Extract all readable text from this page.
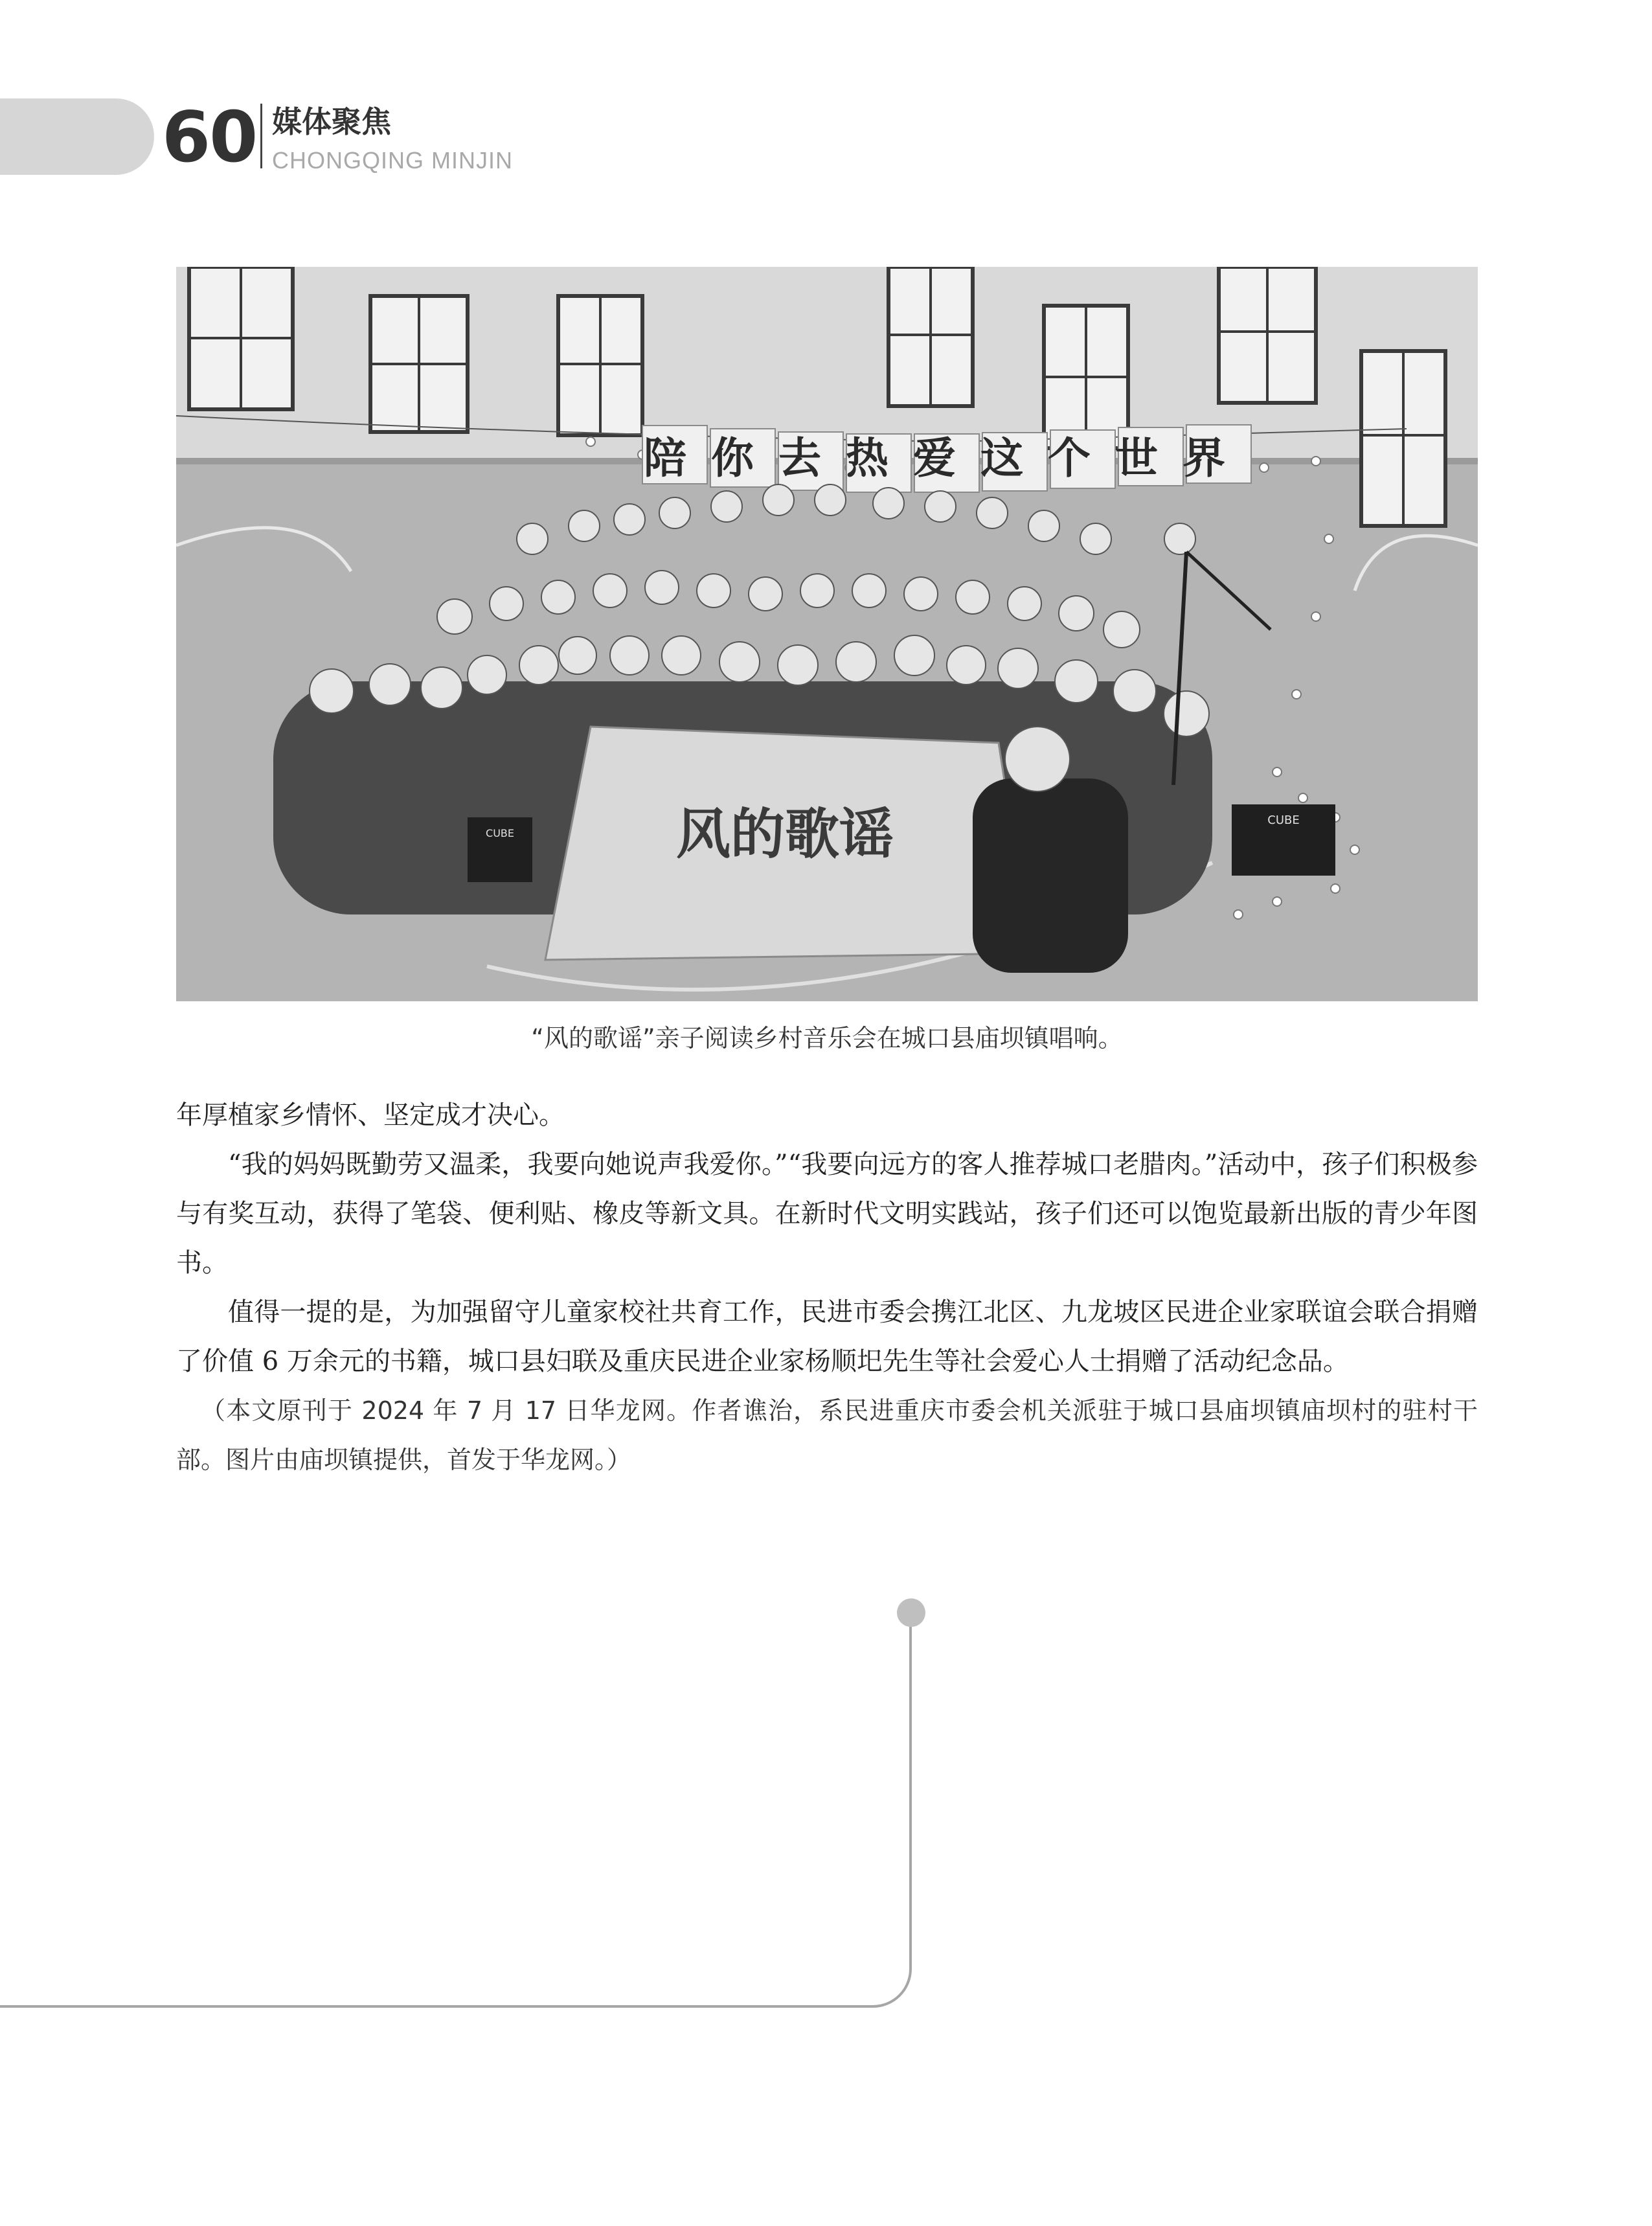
60 媒体聚焦
CHONGQING MINJIN
陪你去热爱这个世界
风的歌谣
CUBE
CUBE
“风的歌谣”亲子阅读乡村音乐会在城口县庙坝镇唱响。

年厚植家乡情怀、坚定成才决心。

“我的妈妈既勤劳又温柔，我要向她说声我爱你。”“我要向远方的客人推荐城口老腊肉。”活动中，孩子们积极参与有奖互动，获得了笔袋、便利贴、橡皮等新文具。在新时代文明实践站，孩子们还可以饱览最新出版的青少年图书。

值得一提的是，为加强留守儿童家校社共育工作，民进市委会携江北区、九龙坡区民进企业家联谊会联合捐赠了价值 6 万余元的书籍，城口县妇联及重庆民进企业家杨顺圯先生等社会爱心人士捐赠了活动纪念品。

（本文原刊于 2024 年 7 月 17 日华龙网。作者谯治，系民进重庆市委会机关派驻于城口县庙坝镇庙坝村的驻村干部。图片由庙坝镇提供，首发于华龙网。）
